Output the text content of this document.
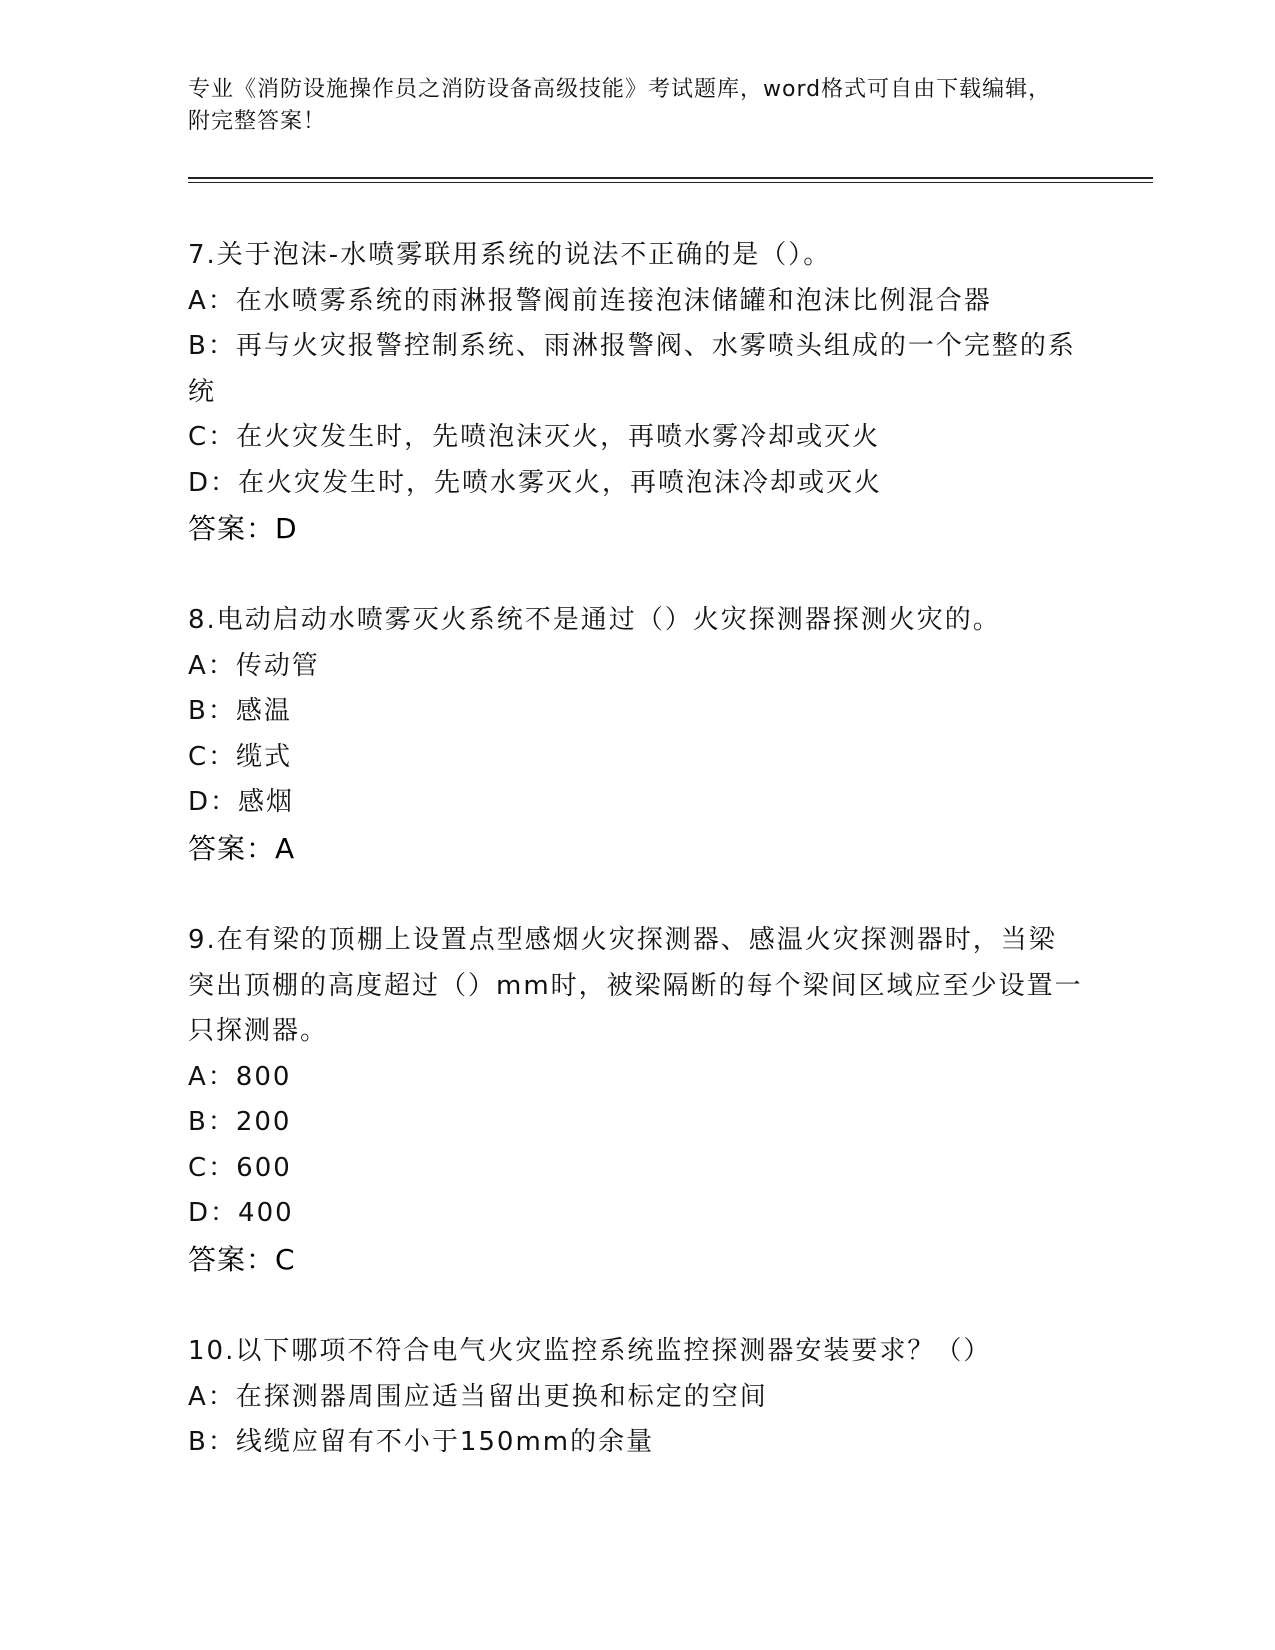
专业《消防设施操作员之消防设备高级技能》考试题库，word格式可自由下载编辑，附完整答案！
7.关于泡沫-水喷雾联用系统的说法不正确的是（）。
A：在水喷雾系统的雨淋报警阀前连接泡沫储罐和泡沫比例混合器
B：再与火灾报警控制系统、雨淋报警阀、水雾喷头组成的一个完整的系统
C：在火灾发生时，先喷泡沫灭火，再喷水雾冷却或灭火
D：在火灾发生时，先喷水雾灭火，再喷泡沫冷却或灭火
答案：D
8.电动启动水喷雾灭火系统不是通过（）火灾探测器探测火灾的。
A：传动管
B：感温
C：缆式
D：感烟
答案：A
9.在有梁的顶棚上设置点型感烟火灾探测器、感温火灾探测器时，当梁突出顶棚的高度超过（）mm时，被梁隔断的每个梁间区域应至少设置一只探测器。
A：800
B：200
C：600
D：400
答案：C
10.以下哪项不符合电气火灾监控系统监控探测器安装要求？（）
A：在探测器周围应适当留出更换和标定的空间
B：线缆应留有不小于150mm的余量
